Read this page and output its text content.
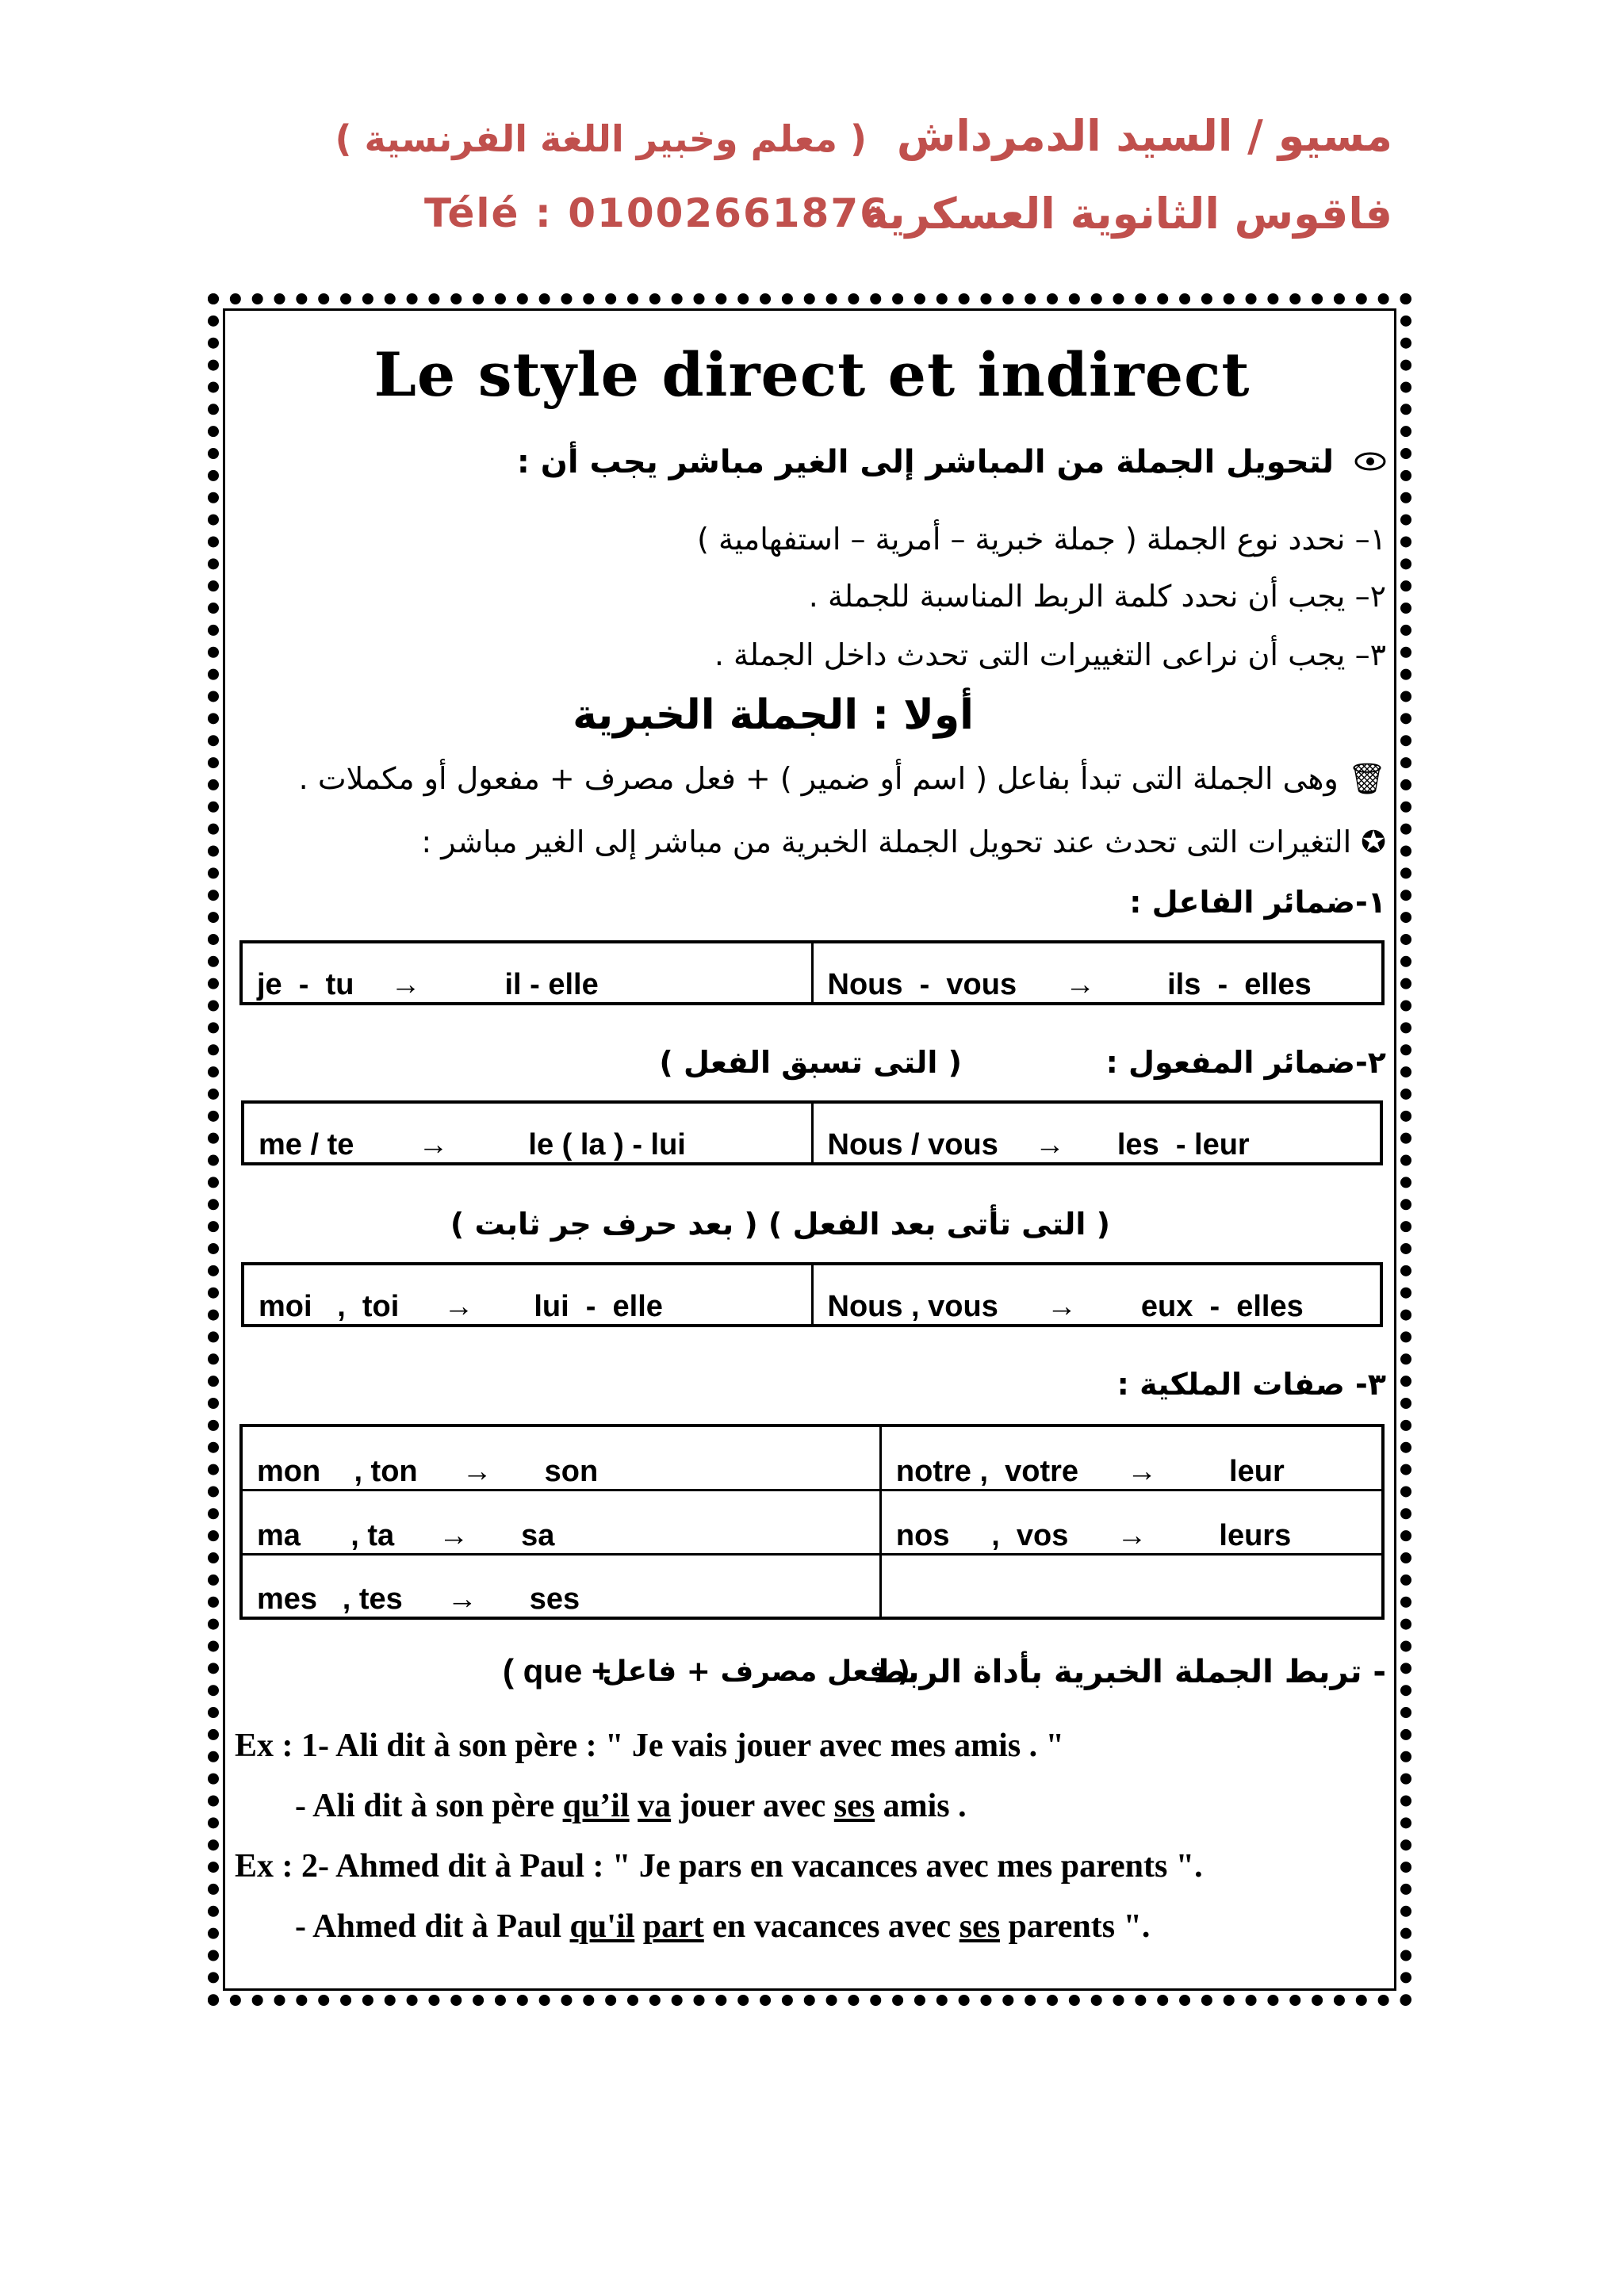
مسيو / السيد الدمرداش
( معلم وخبير اللغة الفرنسية )
فاقوس الثانوية العسكرية
Télé : 01002661876
Le style direct et indirect
لتحويل الجملة من المباشر إلى الغير مباشر يجب أن :
١– نحدد نوع الجملة ( جملة خبرية – أمرية – استفهامية )
٢– يجب أن نحدد كلمة الربط المناسبة للجملة .
٣– يجب أن نراعى التغييرات التى تحدث داخل الجملة .
أولا : الجملة الخبرية
🗑وهى الجملة التى تبدأ بفاعل ( اسم أو ضمير ) + فعل مصرف + مفعول أو مكملات .
✪التغيرات التى تحدث عند تحويل الجملة الخبرية من مباشر إلى الغير مباشر :
١-ضمائر الفاعل :
je  -  tu →	il - elle	Nous  -  vous → ils  -  elles
٢-ضمائر المفعول :
( التى تسبق الفعل )
me / te →	le ( la ) - lui	Nous / vous → les  - leur
( التى تأتى بعد الفعل ) ( بعد حرف جر ثابت )
moi   ,  toi → lui  -  elle	Nous , vous → eux  -  elles
٣- صفات الملكية :
mon    , ton → son	notre ,  votre → leur
ma      , ta → sa	nos     ,  vos → leurs
mes   , tes → ses	
- تربط الجملة الخبرية بأداة الربط
( فعل مصرف + فاعل
+ que )
Ex : 1- Ali dit à son père : " Je vais jouer avec mes amis . "
- Ali dit à son père qu’il va jouer avec ses amis .
Ex : 2- Ahmed dit à Paul : " Je pars en vacances avec mes parents ".
- Ahmed dit à Paul qu'il part en vacances avec ses parents ".
